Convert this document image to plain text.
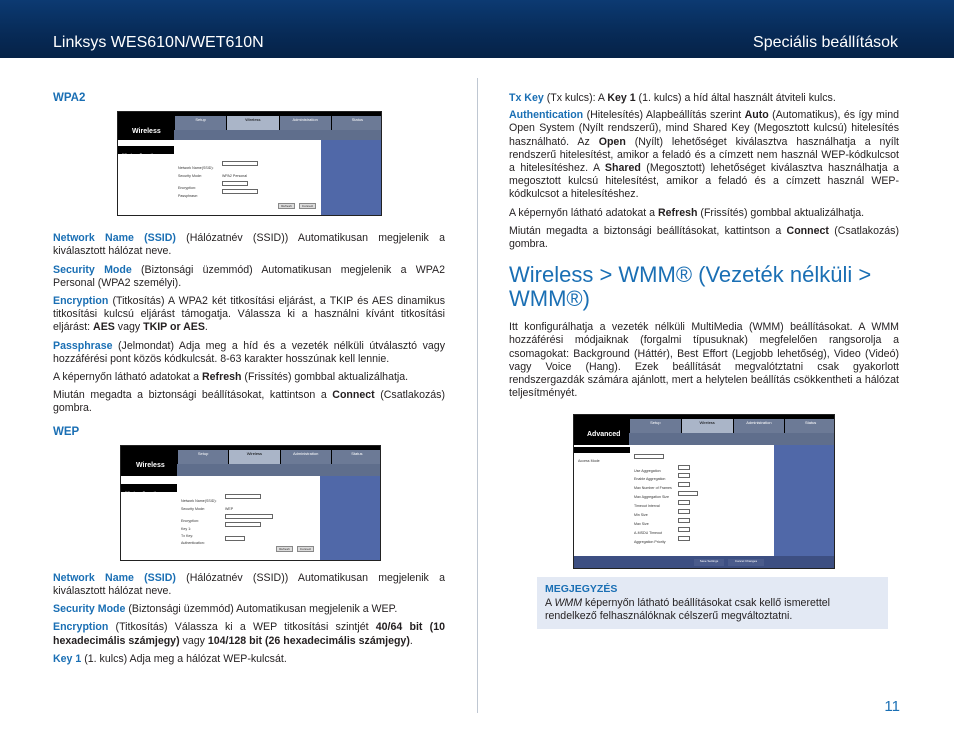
Linksys WES610N/WET610N	Speciális beállítások
WPA2
Wireless
Setup	Wireless	Administration	Status
Wireless Security
Network Name(SSID):
Security Mode:	WPA2 Personal
Encryption:
Passphrase:
Refresh	Connect

Network Name (SSID) (Hálózatnév (SSID)) Automatikusan megjelenik a kiválasztott hálózat neve.

Security Mode (Biztonsági üzemmód) Automatikusan megjelenik a WPA2 Personal (WPA2 személyi).

Encryption (Titkosítás) A WPA2 két titkosítási eljárást, a TKIP és AES dinamikus titkosítási kulcsú eljárást támogatja. Válassza ki a használni kívánt titkosítási eljárást: AES vagy TKIP or AES.

Passphrase (Jelmondat) Adja meg a híd és a vezeték nélküli útválasztó vagy hozzáférési pont közös kódkulcsát. 8-63 karakter hosszúnak kell lennie.

A képernyőn látható adatokat a Refresh (Frissítés) gombbal aktualizálhatja.

Miután megadta a biztonsági beállításokat, kattintson a Connect (Csatlakozás) gombra.

WEP
Wireless
Setup	Wireless	Administration	Status
Wireless Security
Network Name(SSID):
Security Mode:	WEP
Encryption:
Key 1:
Tx Key:
Authentication:
Refresh	Connect

Network Name (SSID) (Hálózatnév (SSID)) Automatikusan megjelenik a kiválasztott hálózat neve.

Security Mode (Biztonsági üzemmód) Automatikusan megjelenik a WEP.

Encryption (Titkosítás) Válassza ki a WEP titkosítási szintjét 40/64 bit (10 hexadecimális számjegy) vagy 104/128 bit (26 hexadecimális számjegy).

Key 1 (1. kulcs) Adja meg a hálózat WEP-kulcsát.

Tx Key (Tx kulcs): A Key 1 (1. kulcs) a híd által használt átviteli kulcs.

Authentication (Hitelesítés) Alapbeállítás szerint Auto (Automatikus), és így mind Open System (Nyílt rendszerű), mind Shared Key (Megosztott kulcsú) hitelesítés használható. Az Open (Nyílt) lehetőséget kiválasztva használhatja a nyílt rendszerű hitelesítést, amikor a feladó és a címzett nem használ WEP-kódkulcsot a hitelesítéshez. A Shared (Megosztott) lehetőséget kiválasztva használhatja a megosztott kulcsú hitelesítést, amikor a feladó és a címzett használ WEP-kódkulcsot a hitelesítéshez.

A képernyőn látható adatokat a Refresh (Frissítés) gombbal aktualizálhatja.

Miután megadta a biztonsági beállításokat, kattintson a Connect (Csatlakozás) gombra.

Wireless > WMM® (Vezeték nélküli > WMM®)

Itt konfigurálhatja a vezeték nélküli MultiMedia (WMM) beállításokat. A WMM hozzáférési módjaiknak (forgalmi típusuknak) megfelelően rangsorolja a csomagokat: Background (Háttér), Best Effort (Legjobb lehetőség), Video (Videó) vagy Voice (Hang). Ezek beállítását megvalótztatni csak gyakorlott rendszergazdák számára ajánlott, mert a helytelen beállítás csökkentheti a hálózat teljesítményét.

Advanced
Setup	Wireless	Administration	Status
WMM
Access Mode
Use Aggregation
Enable Aggregation
Max Number of Frames
Max Aggregation Size
Timeout Interval
Min Size
Max Size
A-MSDU Timeout
Aggregation Priority
Save Settings	Cancel Changes
MEGJEGYZÉS
A WMM képernyőn látható beállításokat csak kellő ismerettel rendelkező felhasználóknak célszerű megváltoztatni.
11
